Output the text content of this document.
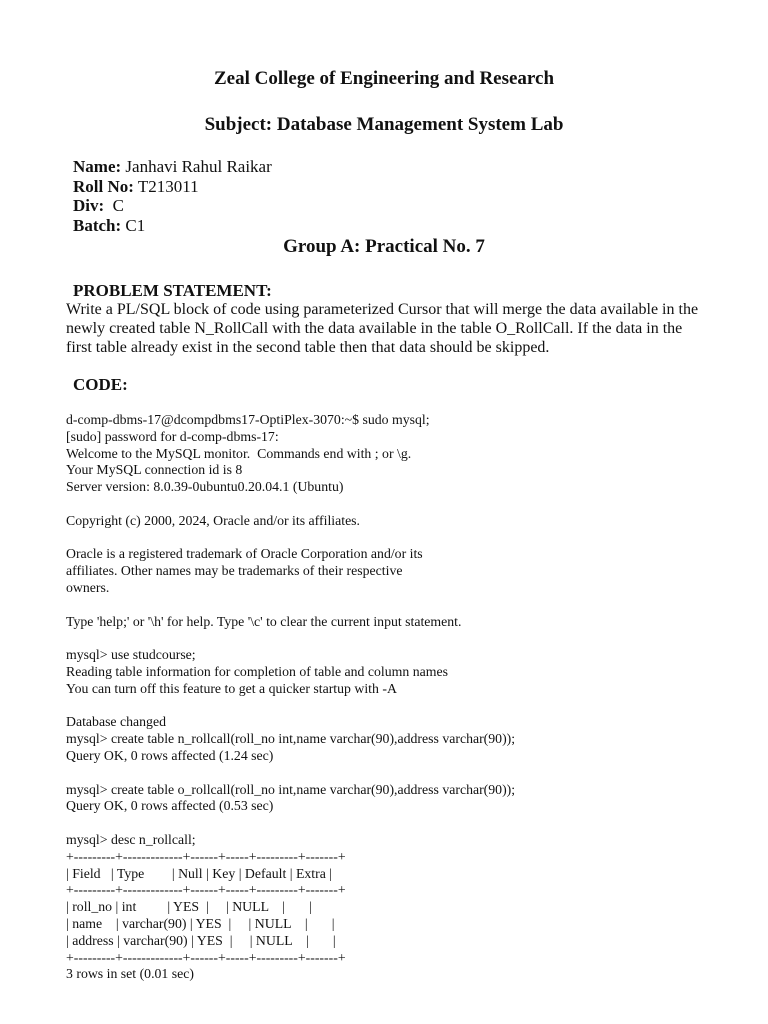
Zeal College of Engineering and Research
Subject: Database Management System Lab
Name: Janhavi Rahul Raikar
Roll No: T213011
Div:  C
Batch: C1
Group A: Practical No. 7
PROBLEM STATEMENT:
Write a PL/SQL block of code using parameterized Cursor that will merge the data available in the newly created table N_RollCall with the data available in the table O_RollCall. If the data in the first table already exist in the second table then that data should be skipped.
CODE:
d-comp-dbms-17@dcompdbms17-OptiPlex-3070:~$ sudo mysql;
[sudo] password for d-comp-dbms-17:
Welcome to the MySQL monitor.  Commands end with ; or \g.
Your MySQL connection id is 8
Server version: 8.0.39-0ubuntu0.20.04.1 (Ubuntu)
Copyright (c) 2000, 2024, Oracle and/or its affiliates.
Oracle is a registered trademark of Oracle Corporation and/or its
affiliates. Other names may be trademarks of their respective
owners.
Type 'help;' or '\h' for help. Type '\c' to clear the current input statement.
mysql> use studcourse;
Reading table information for completion of table and column names
You can turn off this feature to get a quicker startup with -A
Database changed
mysql> create table n_rollcall(roll_no int,name varchar(90),address varchar(90));
Query OK, 0 rows affected (1.24 sec)
mysql> create table o_rollcall(roll_no int,name varchar(90),address varchar(90));
Query OK, 0 rows affected (0.53 sec)
mysql> desc n_rollcall;
+---------+-------------+------+-----+---------+-------+
| Field   | Type        | Null | Key | Default | Extra |
+---------+-------------+------+-----+---------+-------+
| roll_no | int         | YES  |     | NULL    |       |
| name    | varchar(90) | YES  |     | NULL    |       |
| address | varchar(90) | YES  |     | NULL    |       |
+---------+-------------+------+-----+---------+-------+
3 rows in set (0.01 sec)
